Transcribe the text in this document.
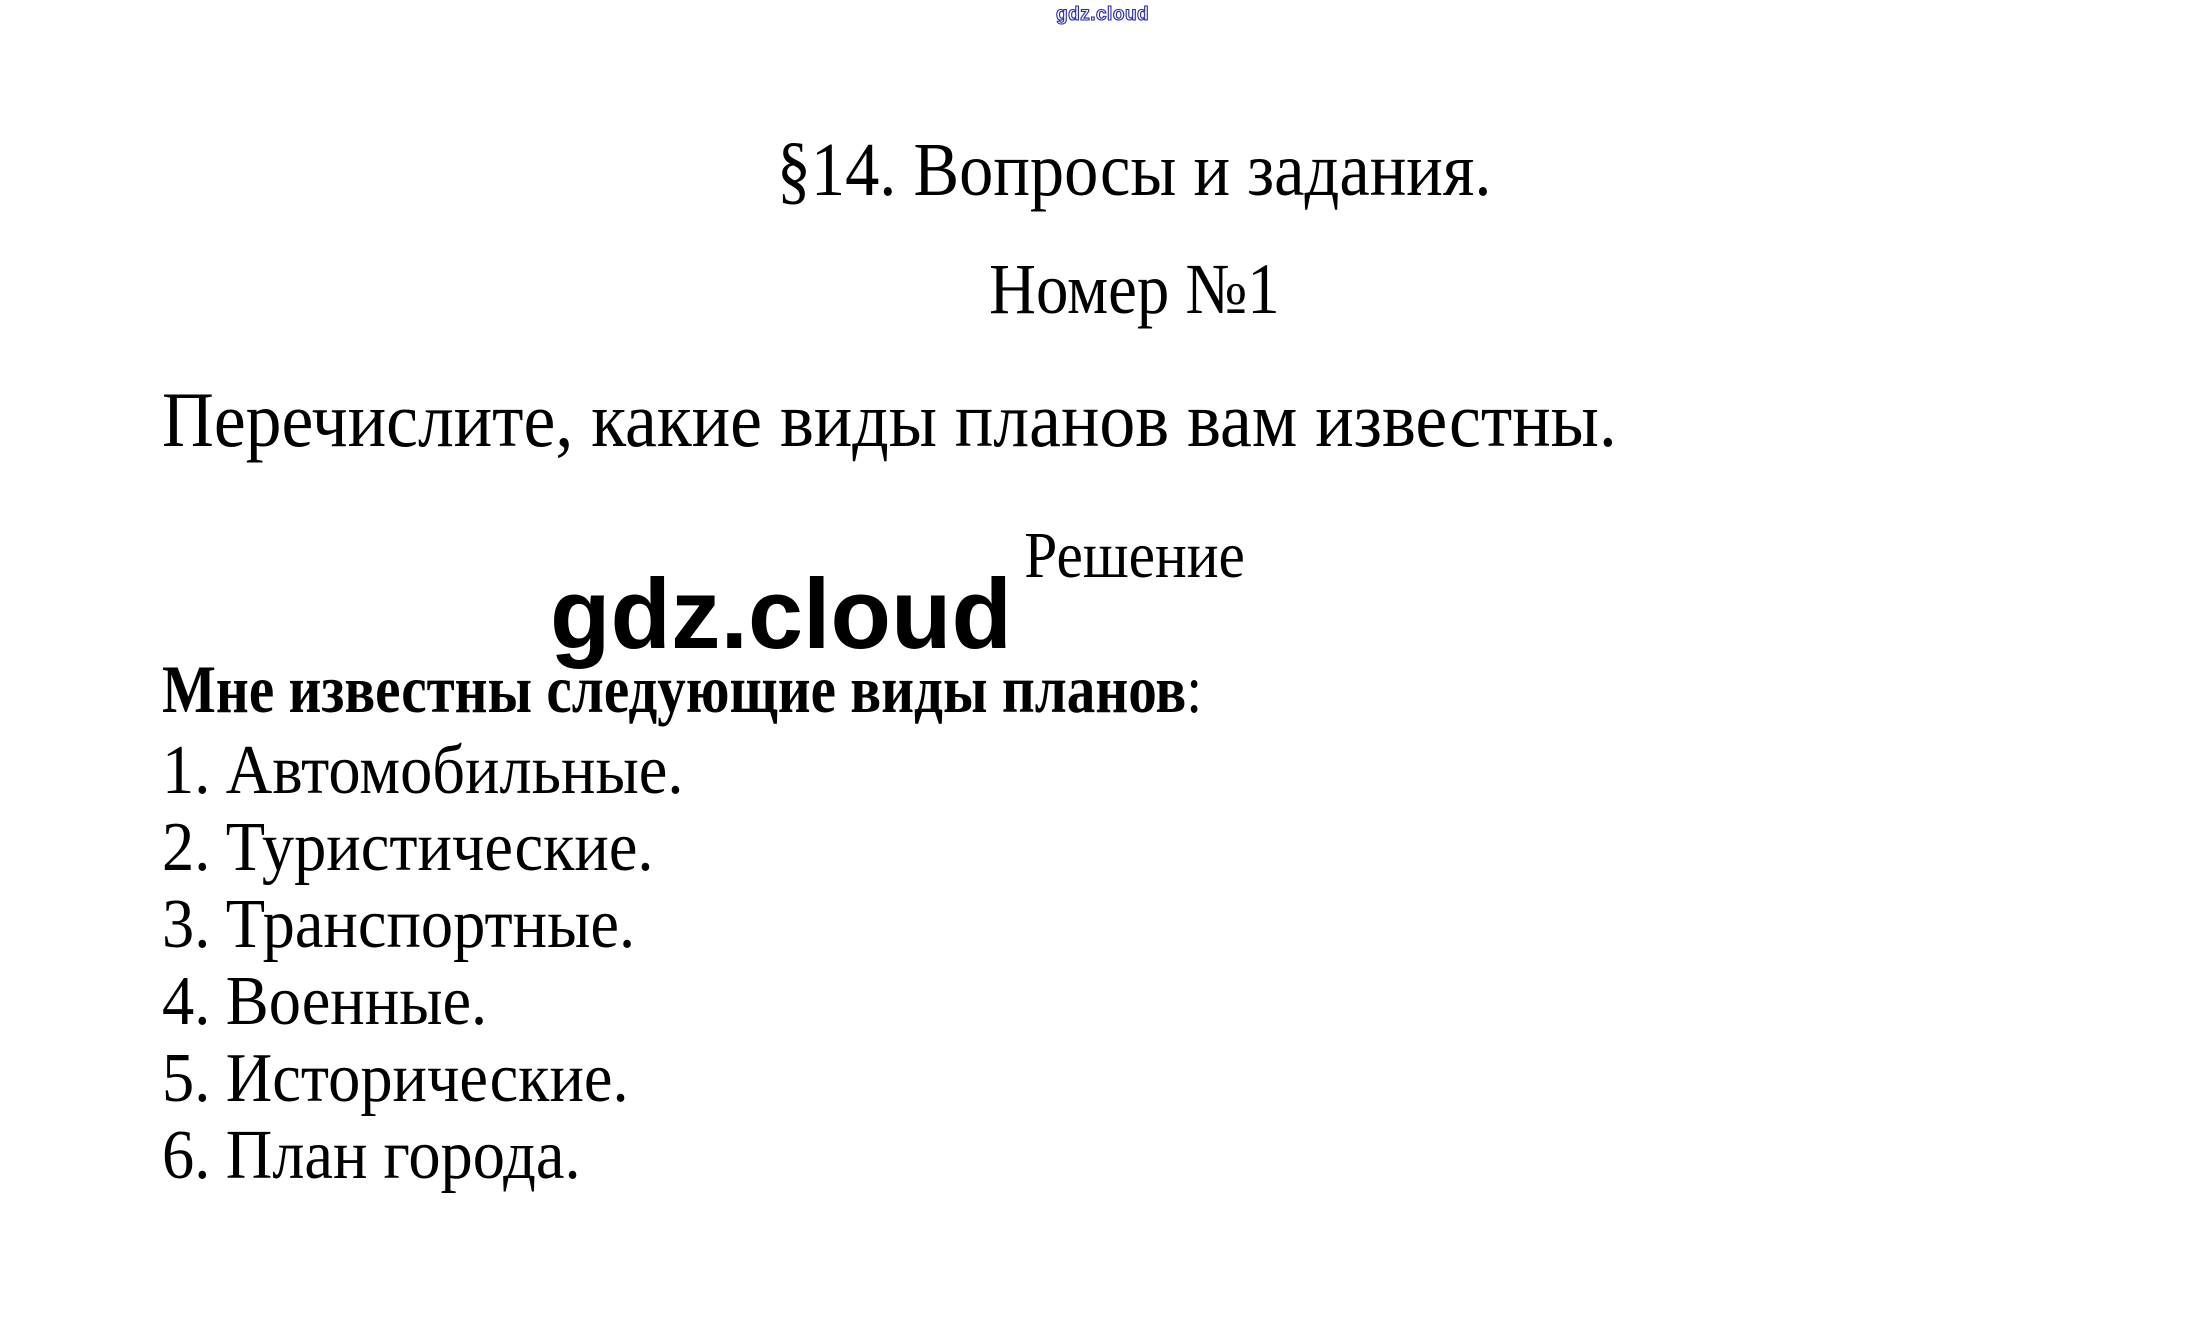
gdz.cloud
§14. Вопросы и задания.
Номер №1
Перечислите, какие виды планов вам известны.
Решение
gdz.cloud
Мне известны следующие виды планов:
1. Автомобильные.
2. Туристические.
3. Транспортные.
4. Военные.
5. Исторические.
6. План города.
